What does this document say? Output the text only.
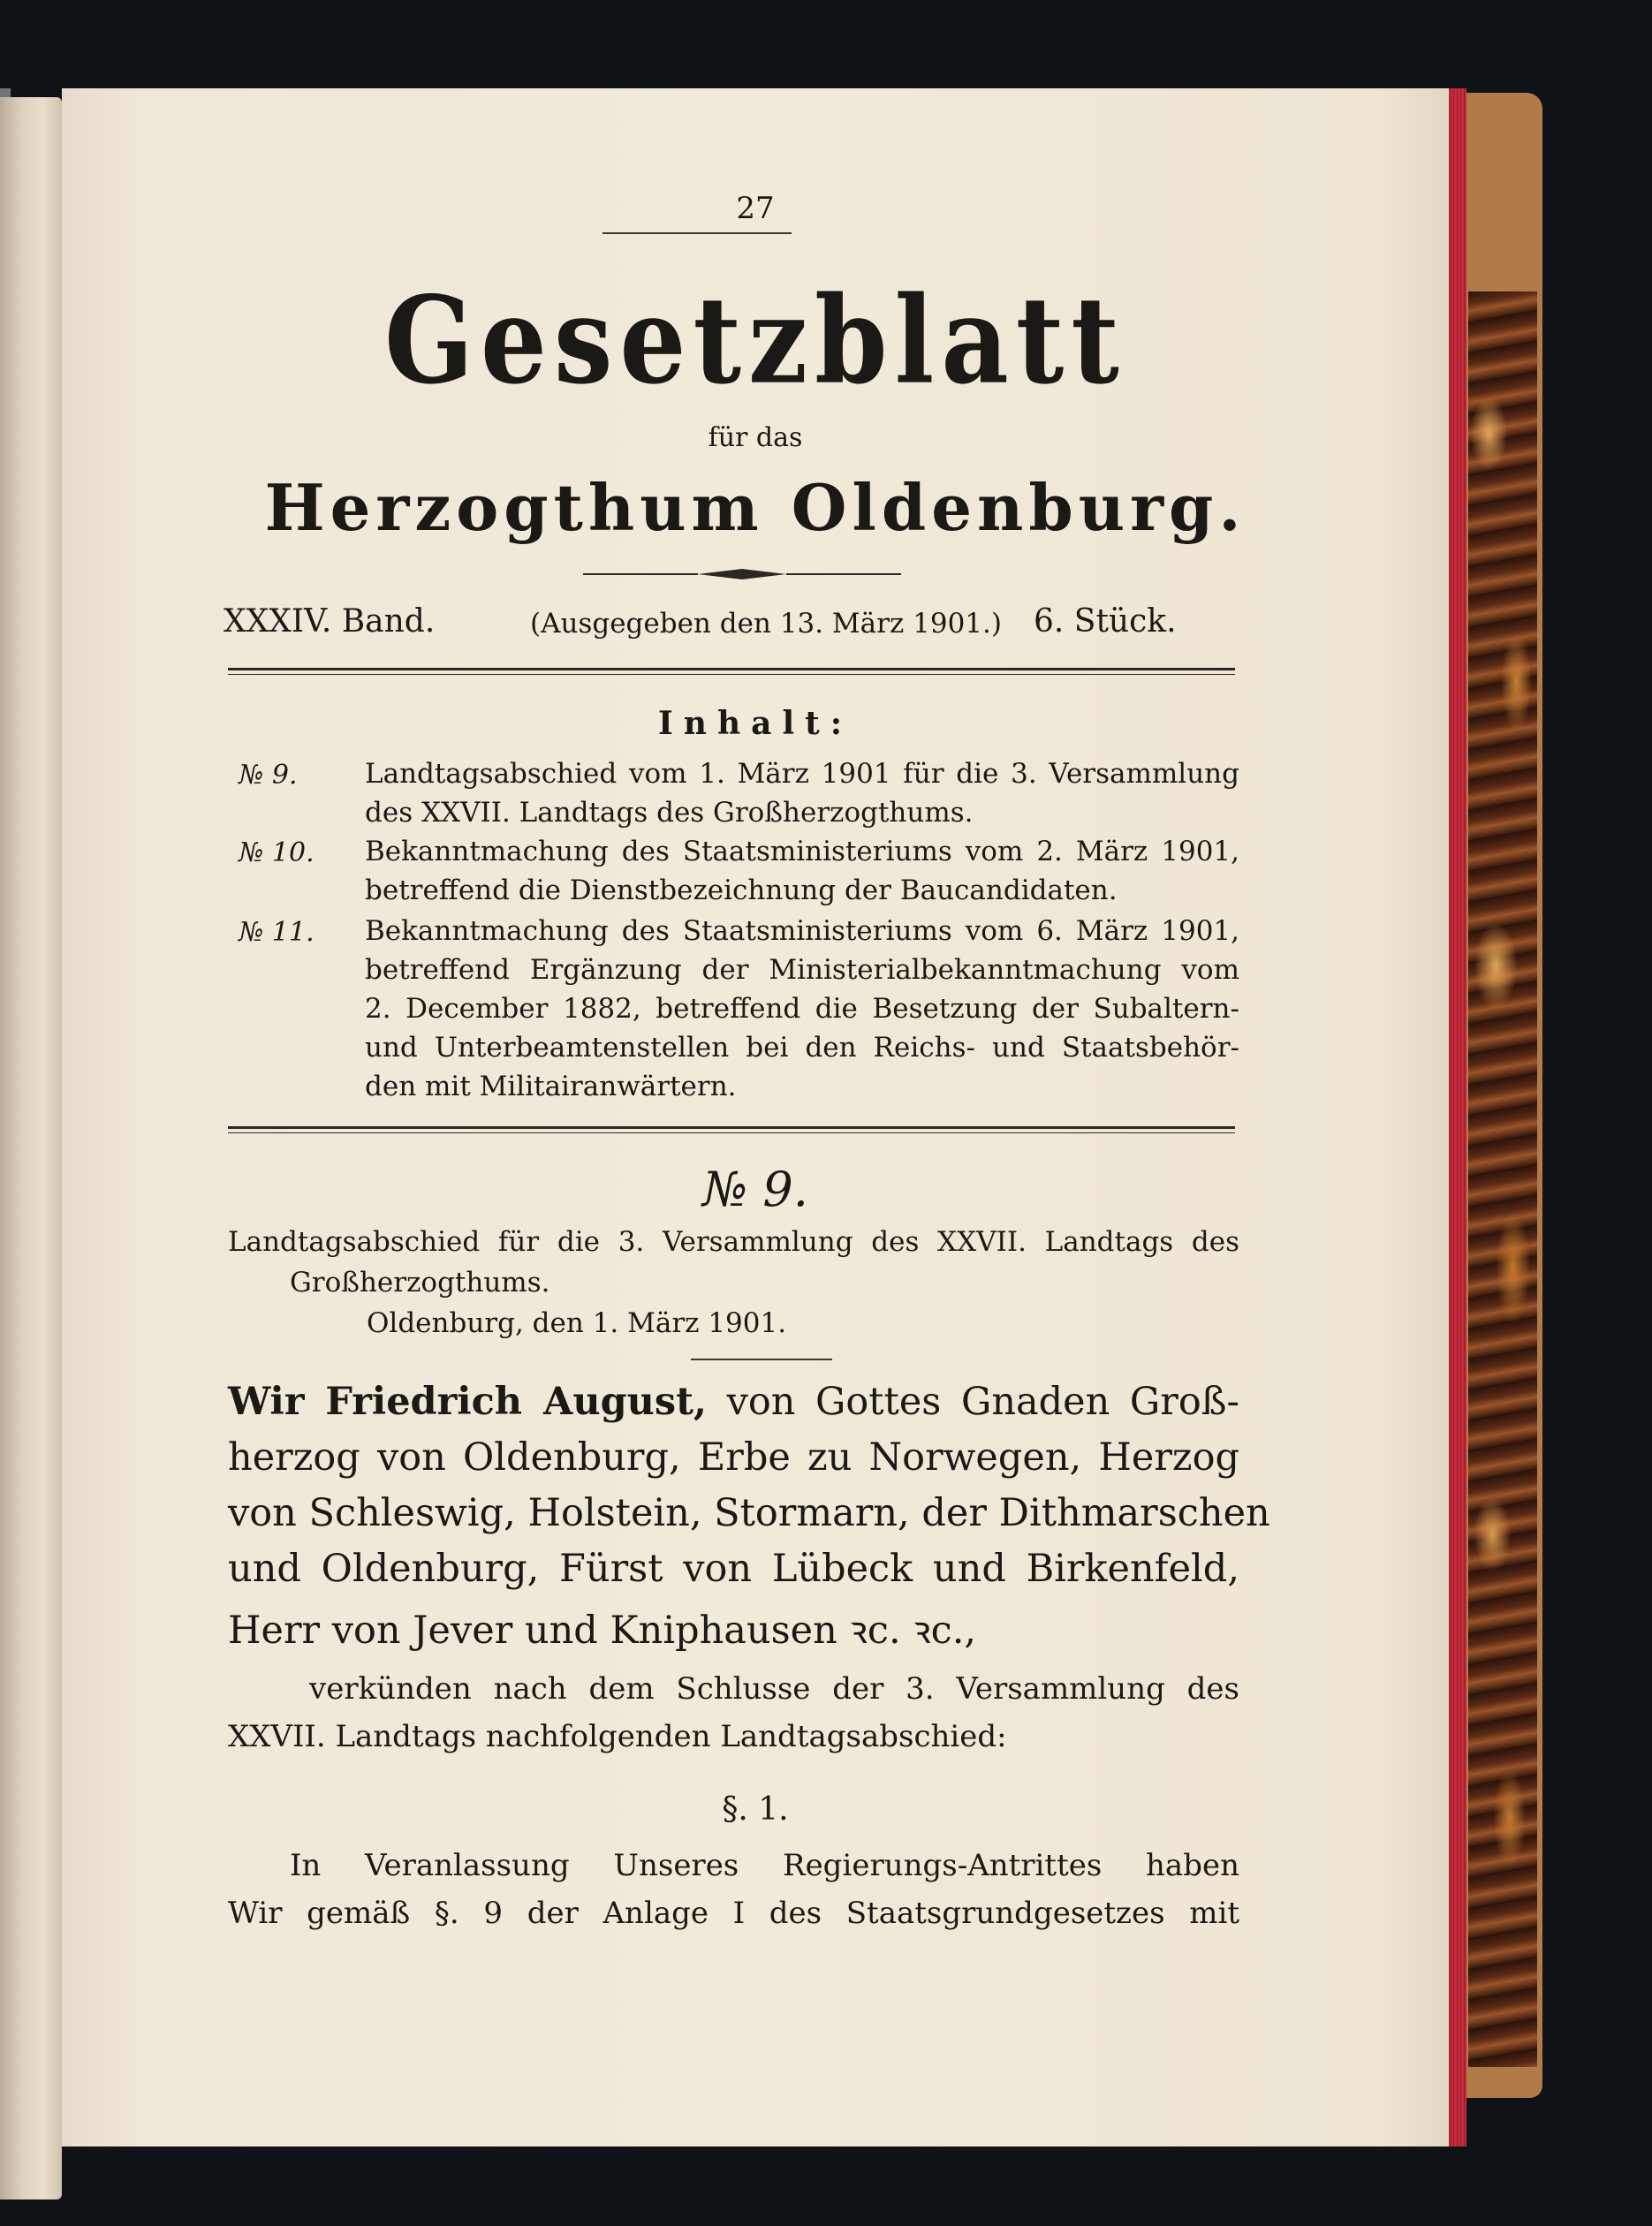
27
Gesetzblatt
für das
Herzogthum Oldenburg.
XXXIV. Band.	(Ausgegeben den 13. März 1901.) 6. Stück.
Inhalt:
№ 9. Landtagsabschied vom 1. März 1901 für die 3. Versammlung
des XXVII. Landtags des Großherzogthums.
№ 10. Bekanntmachung des Staatsministeriums vom 2. März 1901,
betreffend die Dienstbezeichnung der Baucandidaten.
№ 11. Bekanntmachung des Staatsministeriums vom 6. März 1901,
betreffend Ergänzung der Ministerialbekanntmachung vom
2. December 1882, betreffend die Besetzung der Subaltern-
und Unterbeamtenstellen bei den Reichs- und Staatsbehör-
den mit Militairanwärtern.
№ 9.
Landtagsabschied für die 3. Versammlung des XXVII. Landtags des
Großherzogthums.
Oldenburg, den 1. März 1901.
Wir Friedrich August, von Gottes Gnaden Groß-
herzog von Oldenburg, Erbe zu Norwegen, Herzog
von Schleswig, Holstein, Stormarn, der Dithmarschen
und Oldenburg, Fürst von Lübeck und Birkenfeld,
Herr von Jever und Kniphausen ꝛc. ꝛc.,
verkünden nach dem Schlusse der 3. Versammlung des
XXVII. Landtags nachfolgenden Landtagsabschied:
§. 1.
In Veranlassung Unseres Regierungs-Antrittes haben
Wir gemäß §. 9 der Anlage I des Staatsgrundgesetzes mit
